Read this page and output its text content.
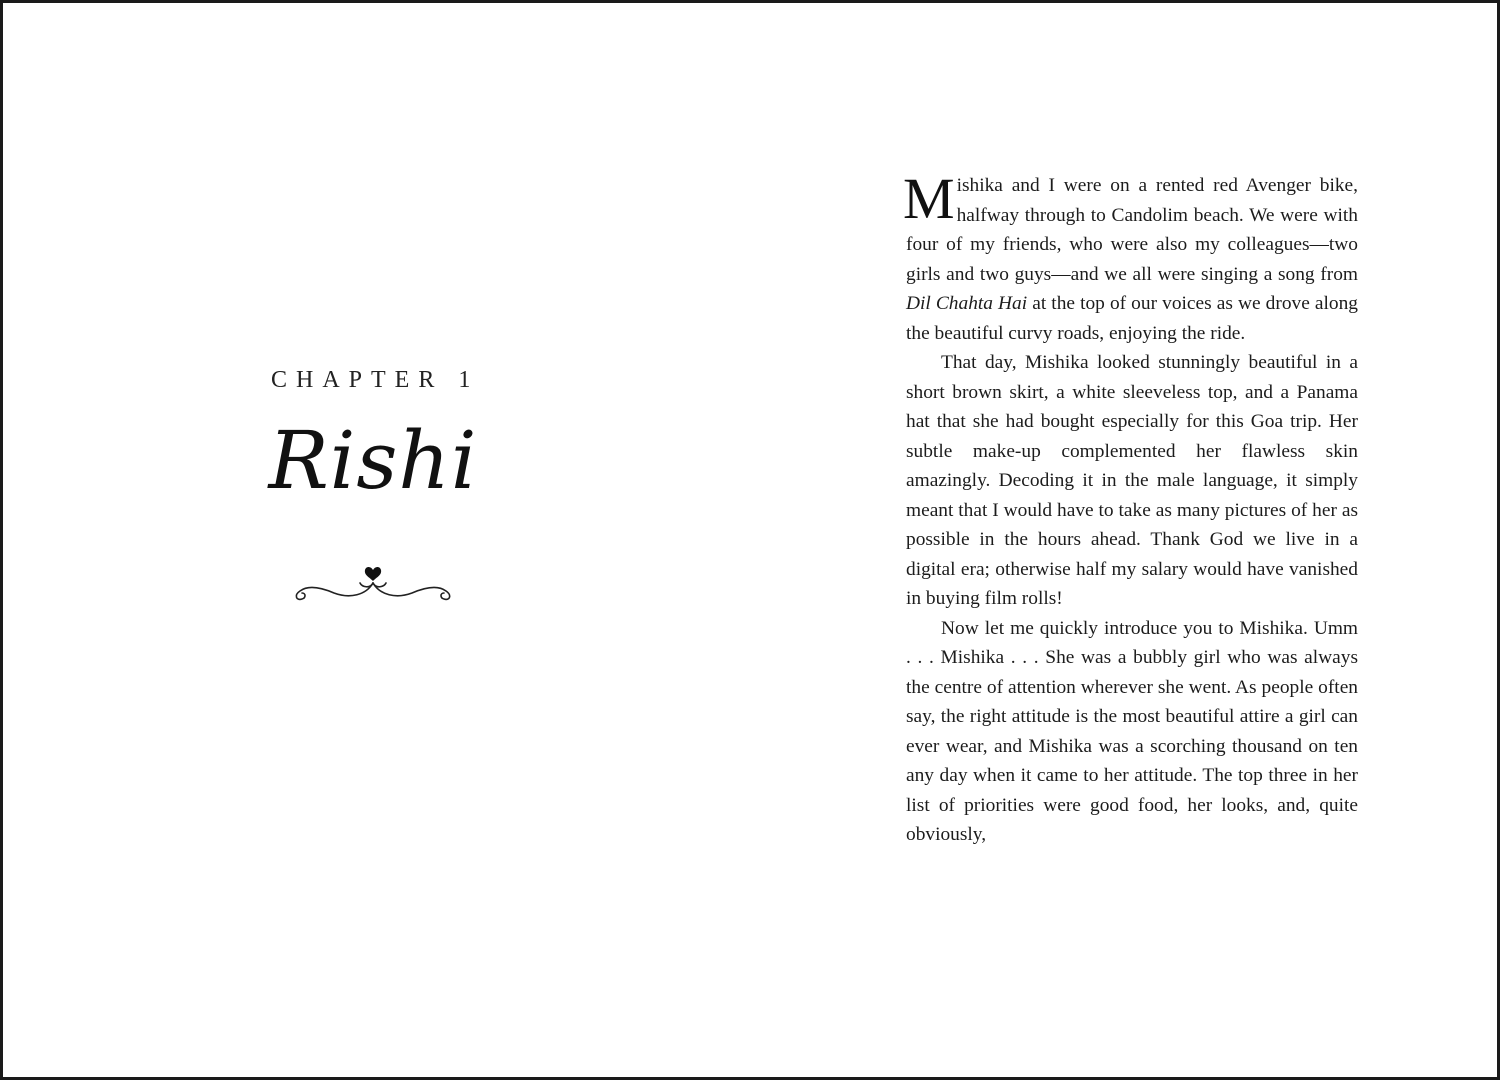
CHAPTER 1
Rishi

Mishika and I were on a rented red Avenger bike, halfway through to Candolim beach. We were with four of my friends, who were also my colleagues—two girls and two guys—and we all were singing a song from Dil Chahta Hai at the top of our voices as we drove along the beautiful curvy roads, enjoying the ride.

That day, Mishika looked stunningly beautiful in a short brown skirt, a white sleeveless top, and a Panama hat that she had bought especially for this Goa trip. Her subtle make-up complemented her flawless skin amazingly. Decoding it in the male language, it simply meant that I would have to take as many pictures of her as possible in the hours ahead. Thank God we live in a digital era; otherwise half my salary would have vanished in buying film rolls!

Now let me quickly introduce you to Mishika. Umm . . . Mishika . . . She was a bubbly girl who was always the centre of attention wherever she went. As people often say, the right attitude is the most beautiful attire a girl can ever wear, and Mishika was a scorching thousand on ten any day when it came to her attitude. The top three in her list of priorities were good food, her looks, and, quite obviously,
